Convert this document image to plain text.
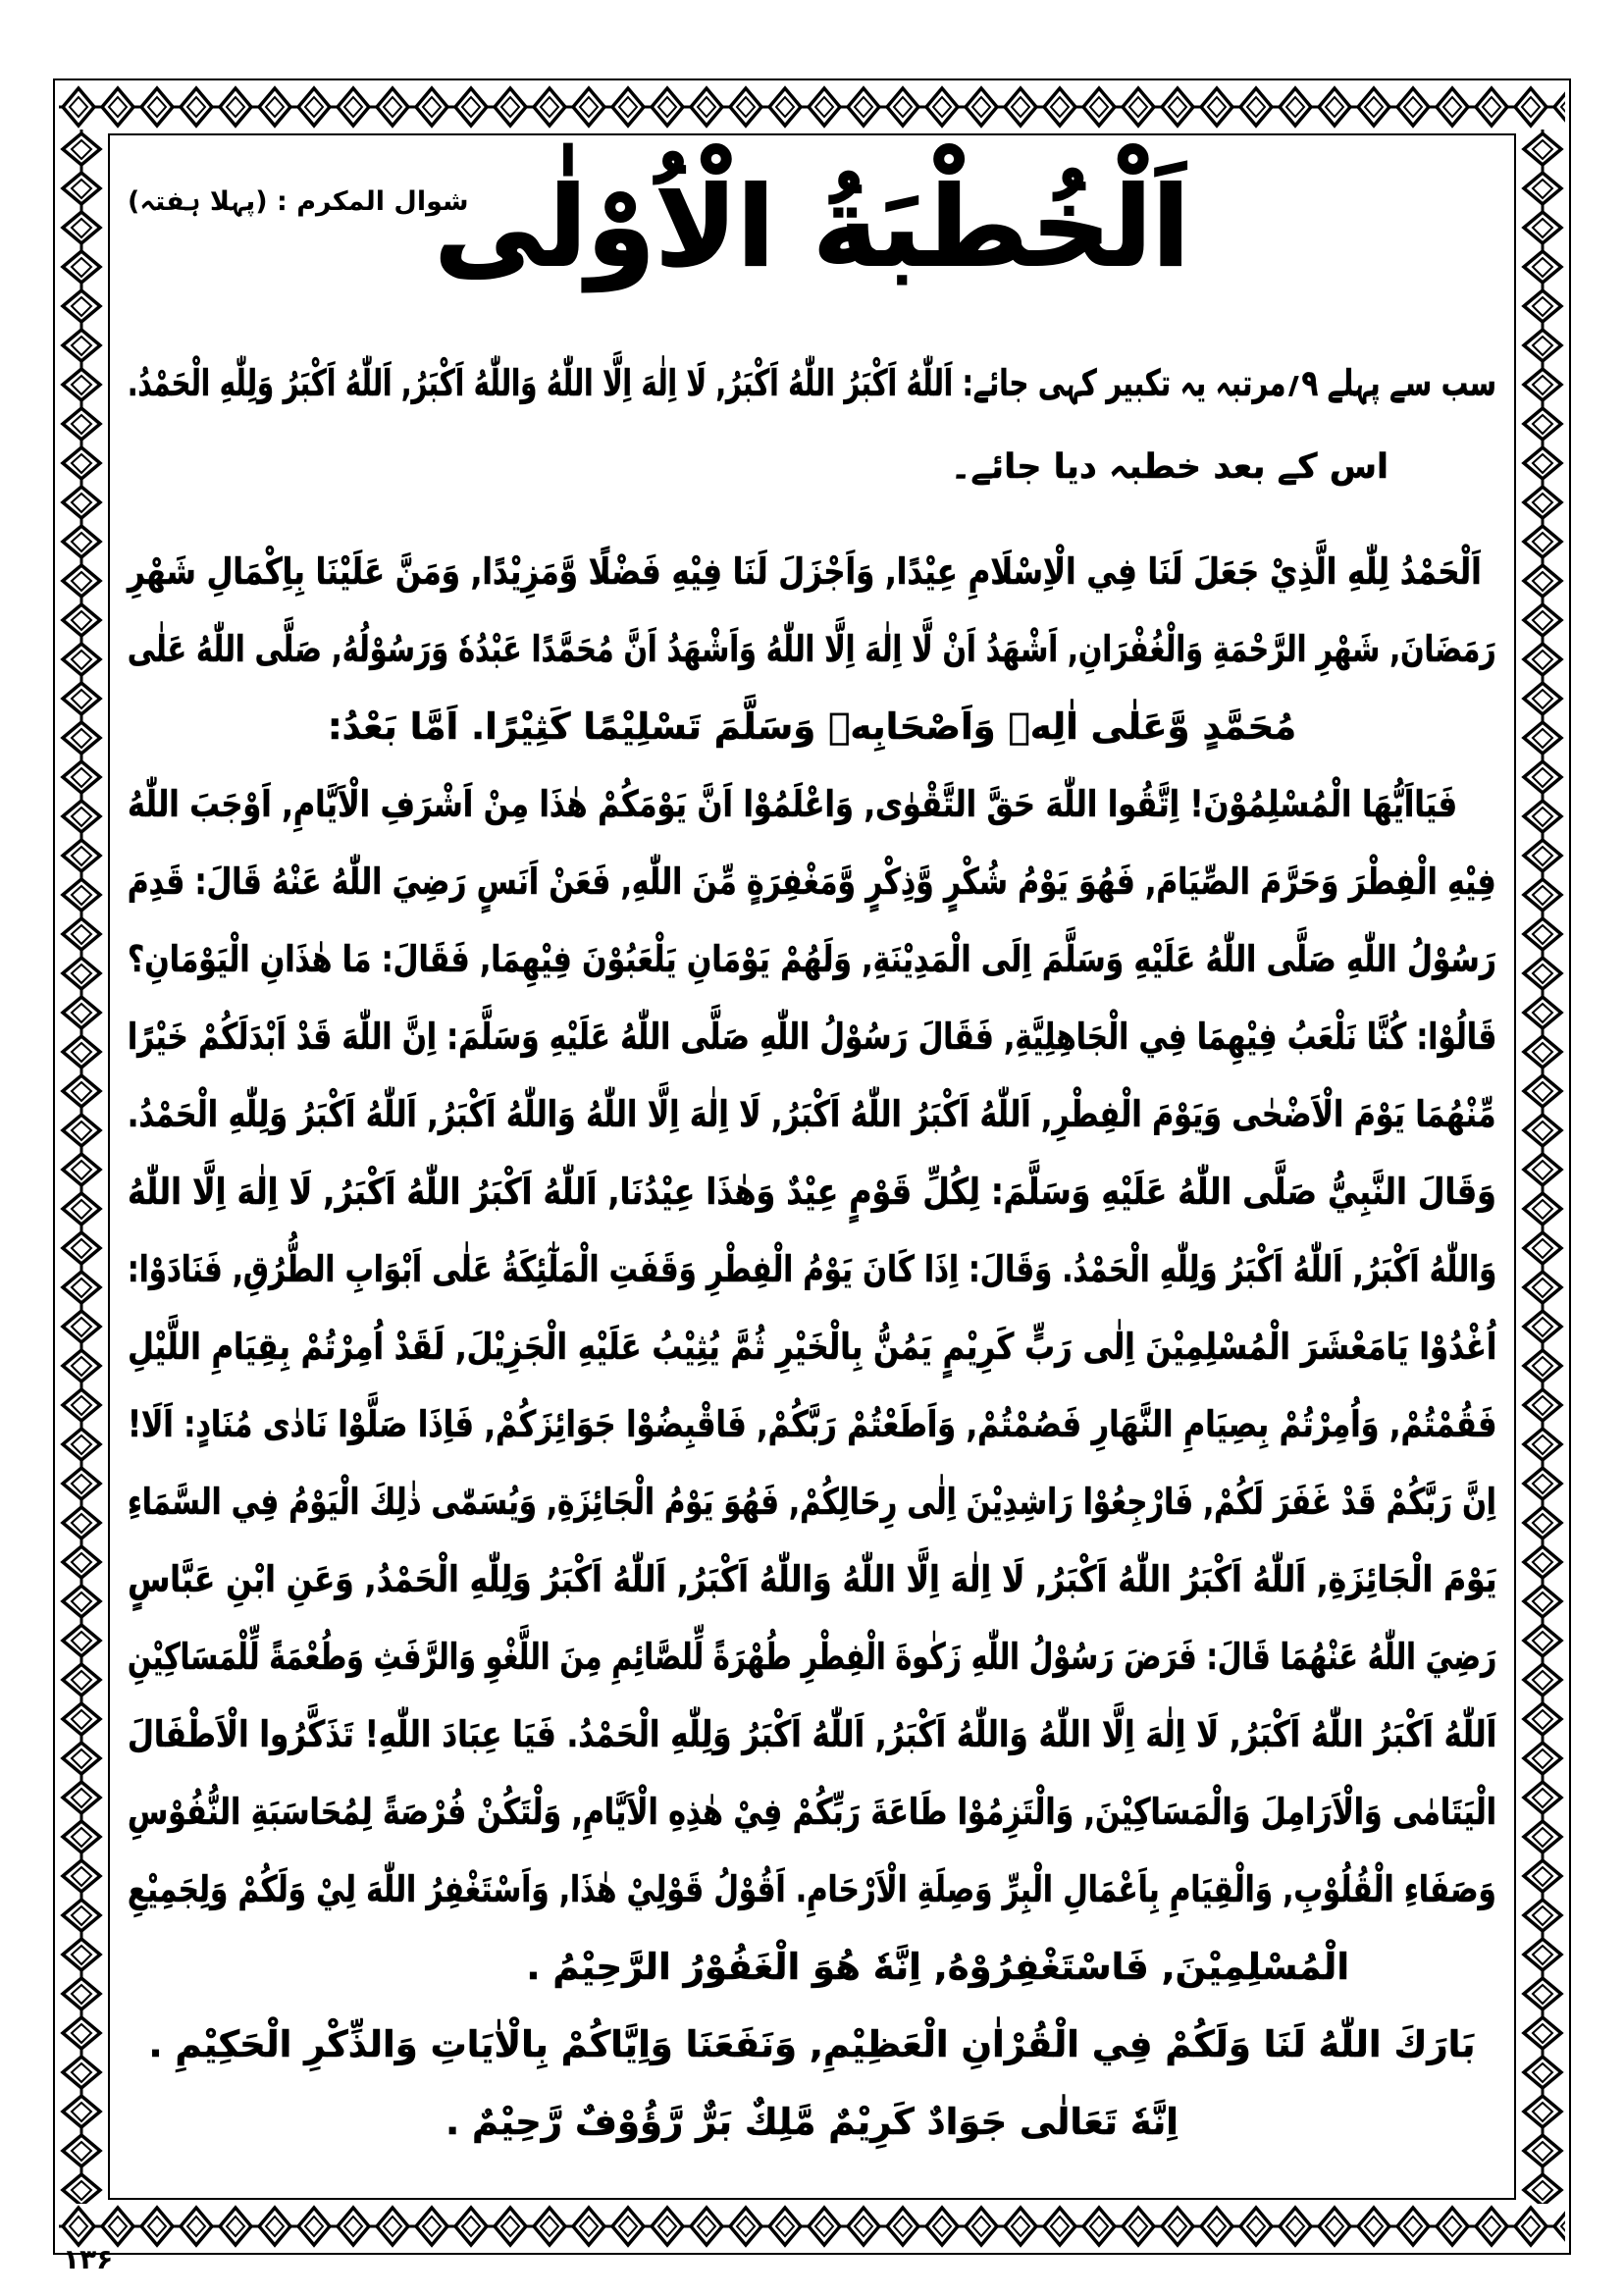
شوال المکرم : (پہلا ہفتہ)
اَلْخُطْبَةُ الْاُوْلٰى
سب سے پہلے ۹؍مرتبہ یہ تکبیر کہی جائے: اَللّٰهُ اَكْبَرُ اللّٰهُ اَكْبَرُ, لَا اِلٰهَ اِلَّا اللّٰهُ وَاللّٰهُ اَكْبَرُ, اَللّٰهُ اَكْبَرُ وَلِلّٰهِ الْحَمْدُ.
اس کے بعد خطبہ دیا جائے۔
اَلْحَمْدُ لِلّٰهِ الَّذِيْ جَعَلَ لَنَا فِي الْاِسْلَامِ عِيْدًا, وَاَجْزَلَ لَنَا فِيْهِ فَضْلًا وَّمَزِيْدًا, وَمَنَّ عَلَيْنَا بِاِكْمَالِ شَهْرِ
رَمَضَانَ, شَهْرِ الرَّحْمَةِ وَالْغُفْرَانِ, اَشْهَدُ اَنْ لَّا اِلٰهَ اِلَّا اللّٰهُ وَاَشْهَدُ اَنَّ مُحَمَّدًا عَبْدُهٗ وَرَسُوْلُهُ, صَلَّى اللّٰهُ عَلٰى
مُحَمَّدٍ وَّعَلٰى اٰلِهٖ وَاَصْحَابِهٖ وَسَلَّمَ تَسْلِيْمًا كَثِيْرًا. اَمَّا بَعْدُ:
فَيَااَيُّهَا الْمُسْلِمُوْنَ! اِتَّقُوا اللّٰهَ حَقَّ التَّقْوٰى, وَاعْلَمُوْا اَنَّ يَوْمَكُمْ هٰذَا مِنْ اَشْرَفِ الْاَيَّامِ, اَوْجَبَ اللّٰهُ
فِيْهِ الْفِطْرَ وَحَرَّمَ الصِّيَامَ, فَهُوَ يَوْمُ شُكْرٍ وَّذِكْرٍ وَّمَغْفِرَةٍ مِّنَ اللّٰهِ, فَعَنْ اَنَسٍ رَضِيَ اللّٰهُ عَنْهُ قَالَ: قَدِمَ
رَسُوْلُ اللّٰهِ صَلَّى اللّٰهُ عَلَيْهِ وَسَلَّمَ اِلَى الْمَدِيْنَةِ, وَلَهُمْ يَوْمَانِ يَلْعَبُوْنَ فِيْهِمَا, فَقَالَ: مَا هٰذَانِ الْيَوْمَانِ؟
قَالُوْا: كُنَّا نَلْعَبُ فِيْهِمَا فِي الْجَاهِلِيَّةِ, فَقَالَ رَسُوْلُ اللّٰهِ صَلَّى اللّٰهُ عَلَيْهِ وَسَلَّمَ: اِنَّ اللّٰهَ قَدْ اَبْدَلَكُمْ خَيْرًا
مِّنْهُمَا يَوْمَ الْاَضْحٰى وَيَوْمَ الْفِطْرِ, اَللّٰهُ اَكْبَرُ اللّٰهُ اَكْبَرُ, لَا اِلٰهَ اِلَّا اللّٰهُ وَاللّٰهُ اَكْبَرُ, اَللّٰهُ اَكْبَرُ وَلِلّٰهِ الْحَمْدُ.
وَقَالَ النَّبِيُّ صَلَّى اللّٰهُ عَلَيْهِ وَسَلَّمَ: لِكُلِّ قَوْمٍ عِيْدٌ وَهٰذَا عِيْدُنَا, اَللّٰهُ اَكْبَرُ اللّٰهُ اَكْبَرُ, لَا اِلٰهَ اِلَّا اللّٰهُ
وَاللّٰهُ اَكْبَرُ, اَللّٰهُ اَكْبَرُ وَلِلّٰهِ الْحَمْدُ. وَقَالَ: اِذَا كَانَ يَوْمُ الْفِطْرِ وَقَفَتِ الْمَلٰٓئِكَةُ عَلٰى اَبْوَابِ الطُّرُقِ, فَنَادَوْا:
اُغْدُوْا يَامَعْشَرَ الْمُسْلِمِيْنَ اِلٰى رَبٍّ كَرِيْمٍ يَمُنُّ بِالْخَيْرِ ثُمَّ يُثِيْبُ عَلَيْهِ الْجَزِيْلَ, لَقَدْ اُمِرْتُمْ بِقِيَامِ اللَّيْلِ
فَقُمْتُمْ, وَاُمِرْتُمْ بِصِيَامِ النَّهَارِ فَصُمْتُمْ, وَاَطَعْتُمْ رَبَّكُمْ, فَاقْبِضُوْا جَوَائِزَكُمْ, فَاِذَا صَلَّوْا نَادٰى مُنَادٍ: اَلَا!
اِنَّ رَبَّكُمْ قَدْ غَفَرَ لَكُمْ, فَارْجِعُوْا رَاشِدِيْنَ اِلٰى رِحَالِكُمْ, فَهُوَ يَوْمُ الْجَائِزَةِ, وَيُسَمّٰى ذٰلِكَ الْيَوْمُ فِي السَّمَاءِ
يَوْمَ الْجَائِزَةِ, اَللّٰهُ اَكْبَرُ اللّٰهُ اَكْبَرُ, لَا اِلٰهَ اِلَّا اللّٰهُ وَاللّٰهُ اَكْبَرُ, اَللّٰهُ اَكْبَرُ وَلِلّٰهِ الْحَمْدُ, وَعَنِ ابْنِ عَبَّاسٍ
رَضِيَ اللّٰهُ عَنْهُمَا قَالَ: فَرَضَ رَسُوْلُ اللّٰهِ زَكٰوةَ الْفِطْرِ طُهْرَةً لِّلصَّائِمِ مِنَ اللَّغْوِ وَالرَّفَثِ وَطُعْمَةً لِّلْمَسَاكِيْنِ
اَللّٰهُ اَكْبَرُ اللّٰهُ اَكْبَرُ, لَا اِلٰهَ اِلَّا اللّٰهُ وَاللّٰهُ اَكْبَرُ, اَللّٰهُ اَكْبَرُ وَلِلّٰهِ الْحَمْدُ. فَيَا عِبَادَ اللّٰهِ! تَذَكَّرُوا الْاَطْفَالَ
الْيَتَامٰى وَالْاَرَامِلَ وَالْمَسَاكِيْنَ, وَالْتَزِمُوْا طَاعَةَ رَبِّكُمْ فِيْ هٰذِهِ الْاَيَّامِ, وَلْتَكُنْ فُرْصَةً لِمُحَاسَبَةِ النُّفُوْسِ
وَصَفَاءِ الْقُلُوْبِ, وَالْقِيَامِ بِاَعْمَالِ الْبِرِّ وَصِلَةِ الْاَرْحَامِ. اَقُوْلُ قَوْلِيْ هٰذَا, وَاَسْتَغْفِرُ اللّٰهَ لِيْ وَلَكُمْ وَلِجَمِيْعِ
الْمُسْلِمِيْنَ, فَاسْتَغْفِرُوْهُ, اِنَّهٗ هُوَ الْغَفُوْرُ الرَّحِيْمُ .
بَارَكَ اللّٰهُ لَنَا وَلَكُمْ فِي الْقُرْاٰنِ الْعَظِيْمِ, وَنَفَعَنَا وَاِيَّاكُمْ بِالْاٰيَاتِ وَالذِّكْرِ الْحَكِيْمِ .
اِنَّهٗ تَعَالٰى جَوَادٌ كَرِيْمٌ مَّلِكٌ بَرٌّ رَّؤُوْفٌ رَّحِيْمٌ .
۱۳۶
